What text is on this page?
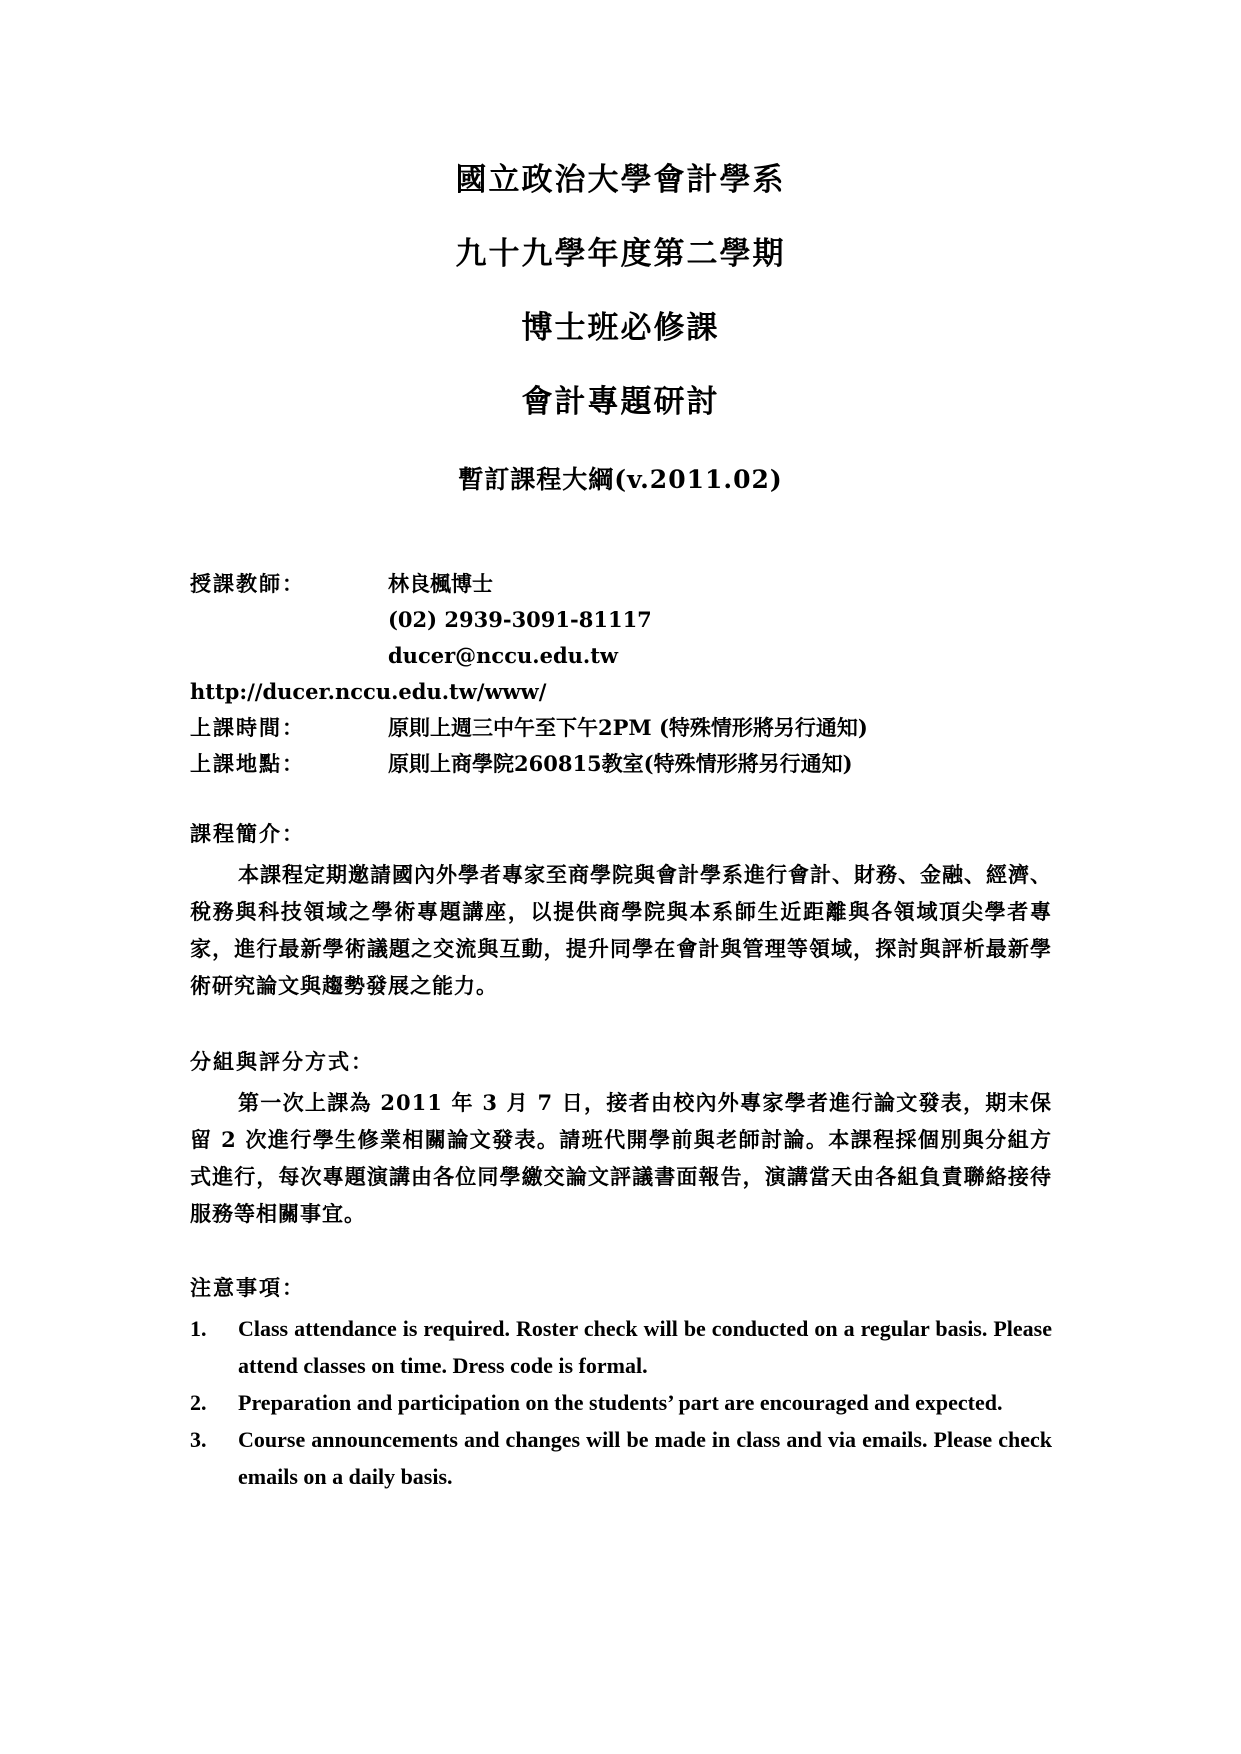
國立政治大學會計學系
九十九學年度第二學期
博士班必修課
會計專題研討
暫訂課程大綱(v.2011.02)
授課教師：	林良楓博士
(02) 2939-3091-81117
ducer@nccu.edu.tw
http://ducer.nccu.edu.tw/www/
上課時間：	原則上週三中午至下午2PM (特殊情形將另行通知)
上課地點：	原則上商學院260815教室(特殊情形將另行通知)
課程簡介：
本課程定期邀請國內外學者專家至商學院與會計學系進行會計、財務、金融、經濟、稅務與科技領域之學術專題講座，以提供商學院與本系師生近距離與各領域頂尖學者專家，進行最新學術議題之交流與互動，提升同學在會計與管理等領域，探討與評析最新學術研究論文與趨勢發展之能力。
分組與評分方式：
第一次上課為 2011 年 3 月 7 日，接者由校內外專家學者進行論文發表，期末保留 2 次進行學生修業相關論文發表。請班代開學前與老師討論。本課程採個別與分組方式進行，每次專題演講由各位同學繳交論文評議書面報告，演講當天由各組負責聯絡接待服務等相關事宜。
注意事項：
1. Class attendance is required. Roster check will be conducted on a regular basis. Please attend classes on time. Dress code is formal.
2. Preparation and participation on the students’ part are encouraged and expected.
3. Course announcements and changes will be made in class and via emails. Please check emails on a daily basis.
